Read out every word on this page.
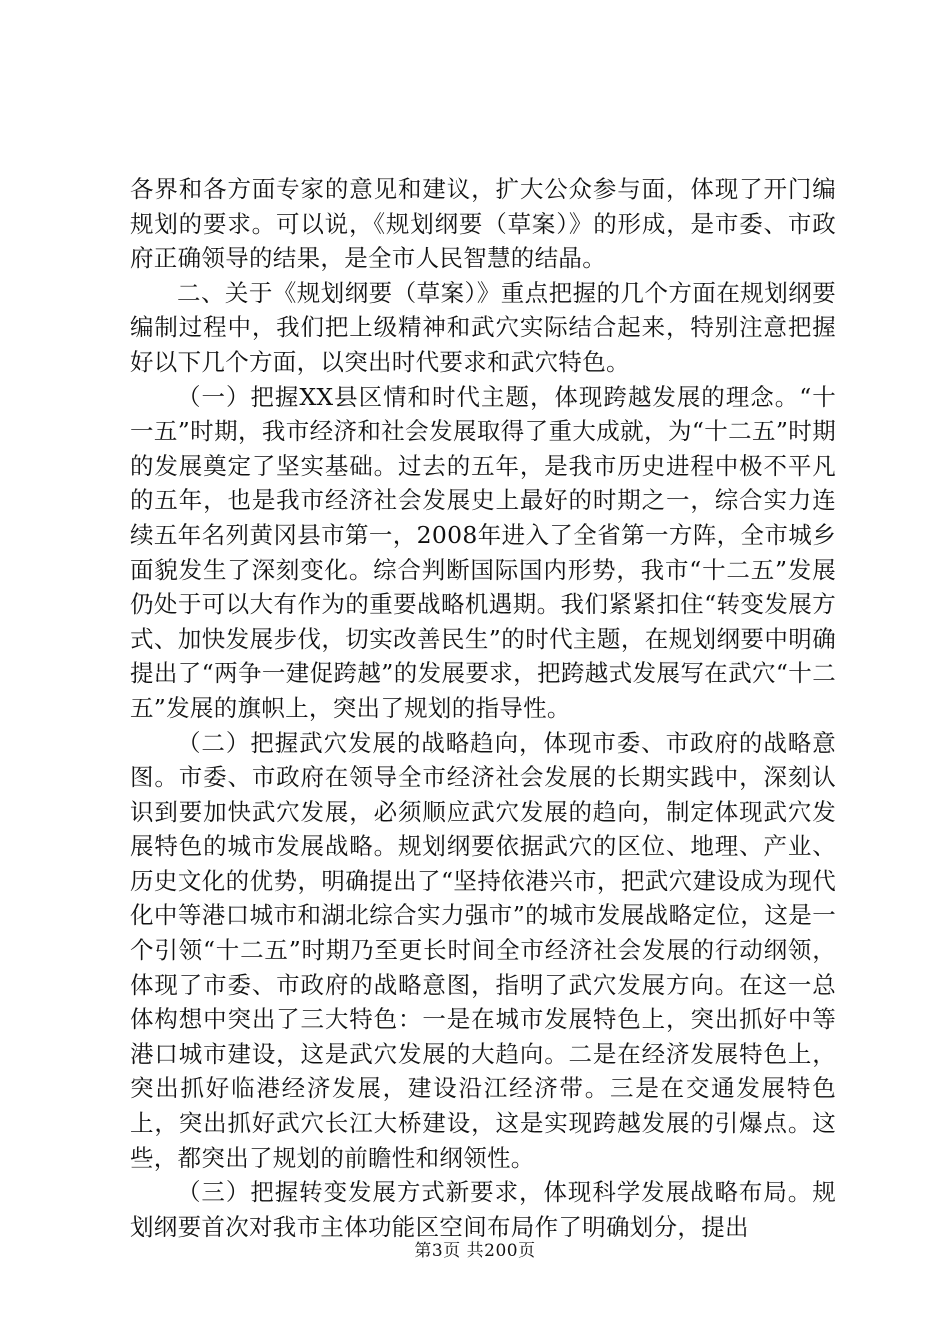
各界和各方面专家的意见和建议，扩大公众参与面，体现了开门编规划的要求。可以说，《规划纲要（草案）》的形成，是市委、市政府正确领导的结果，是全市人民智慧的结晶。

二、关于《规划纲要（草案）》重点把握的几个方面在规划纲要编制过程中，我们把上级精神和武穴实际结合起来，特别注意把握好以下几个方面，以突出时代要求和武穴特色。

（一）把握XX县区情和时代主题，体现跨越发展的理念。“十一五”时期，我市经济和社会发展取得了重大成就，为“十二五”时期的发展奠定了坚实基础。过去的五年，是我市历史进程中极不平凡的五年，也是我市经济社会发展史上最好的时期之一，综合实力连续五年名列黄冈县市第一，2008年进入了全省第一方阵，全市城乡面貌发生了深刻变化。综合判断国际国内形势，我市“十二五”发展仍处于可以大有作为的重要战略机遇期。我们紧紧扣住“转变发展方式、加快发展步伐，切实改善民生”的时代主题，在规划纲要中明确提出了“两争一建促跨越”的发展要求，把跨越式发展写在武穴“十二五”发展的旗帜上，突出了规划的指导性。

（二）把握武穴发展的战略趋向，体现市委、市政府的战略意图。市委、市政府在领导全市经济社会发展的长期实践中，深刻认识到要加快武穴发展，必须顺应武穴发展的趋向，制定体现武穴发展特色的城市发展战略。规划纲要依据武穴的区位、地理、产业、历史文化的优势，明确提出了“坚持依港兴市，把武穴建设成为现代化中等港口城市和湖北综合实力强市”的城市发展战略定位，这是一个引领“十二五”时期乃至更长时间全市经济社会发展的行动纲领，体现了市委、市政府的战略意图，指明了武穴发展方向。在这一总体构想中突出了三大特色：一是在城市发展特色上，突出抓好中等港口城市建设，这是武穴发展的大趋向。二是在经济发展特色上，突出抓好临港经济发展，建设沿江经济带。三是在交通发展特色上，突出抓好武穴长江大桥建设，这是实现跨越发展的引爆点。这些，都突出了规划的前瞻性和纲领性。

（三）把握转变发展方式新要求，体现科学发展战略布局。规划纲要首次对我市主体功能区空间布局作了明确划分，提出

第3页 共200页
